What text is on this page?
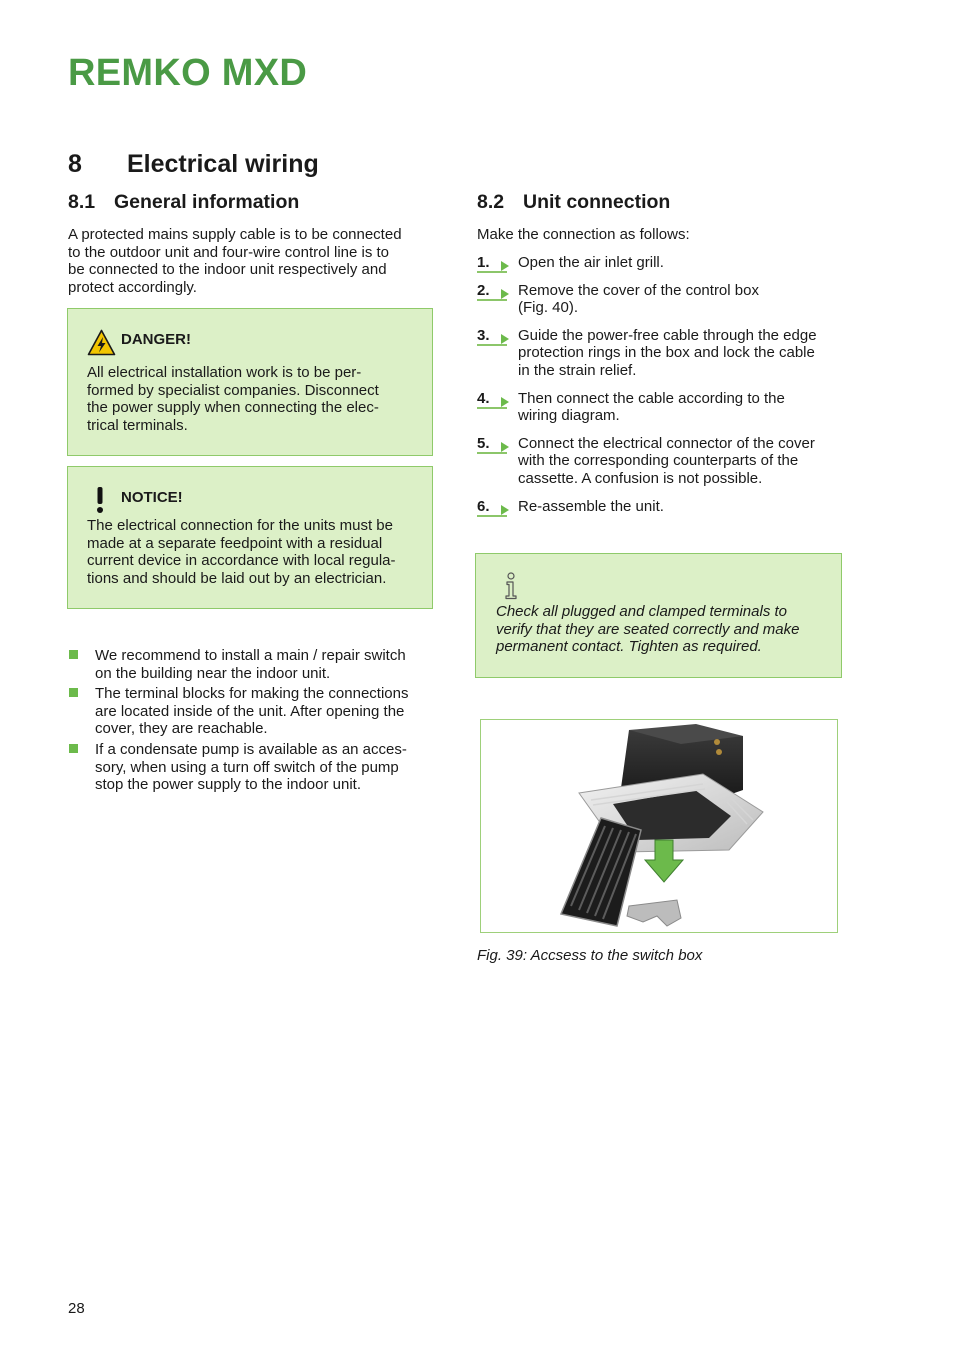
REMKO MXD
8 Electrical wiring
8.1 General information
A protected mains supply cable is to be connected
to the outdoor unit and four-wire control line is to
be connected to the indoor unit respectively and
protect accordingly.
DANGER!
All electrical installation work is to be per-
formed by specialist companies. Disconnect
the power supply when connecting the elec-
trical terminals.
NOTICE!
The electrical connection for the units must be
made at a separate feedpoint with a residual
current device in accordance with local regula-
tions and should be laid out by an electrician.
We recommend to install a main / repair switch
on the building near the indoor unit.
The terminal blocks for making the connections
are located inside of the unit. After opening the
cover, they are reachable.
If a condensate pump is available as an acces-
sory, when using a turn off switch of the pump
stop the power supply to the indoor unit.
8.2 Unit connection
Make the connection as follows:
1. Open the air inlet grill.
2. Remove the cover of the control box
(Fig. 40).
3. Guide the power-free cable through the edge
protection rings in the box and lock the cable
in the strain relief.
4. Then connect the cable according to the
wiring diagram.
5. Connect the electrical connector of the cover
with the corresponding counterparts of the
cassette. A confusion is not possible.
6. Re-assemble the unit.
Check all plugged and clamped terminals to
verify that they are seated correctly and make
permanent contact. Tighten as required.
Fig. 39: Accsess to the switch box
28
